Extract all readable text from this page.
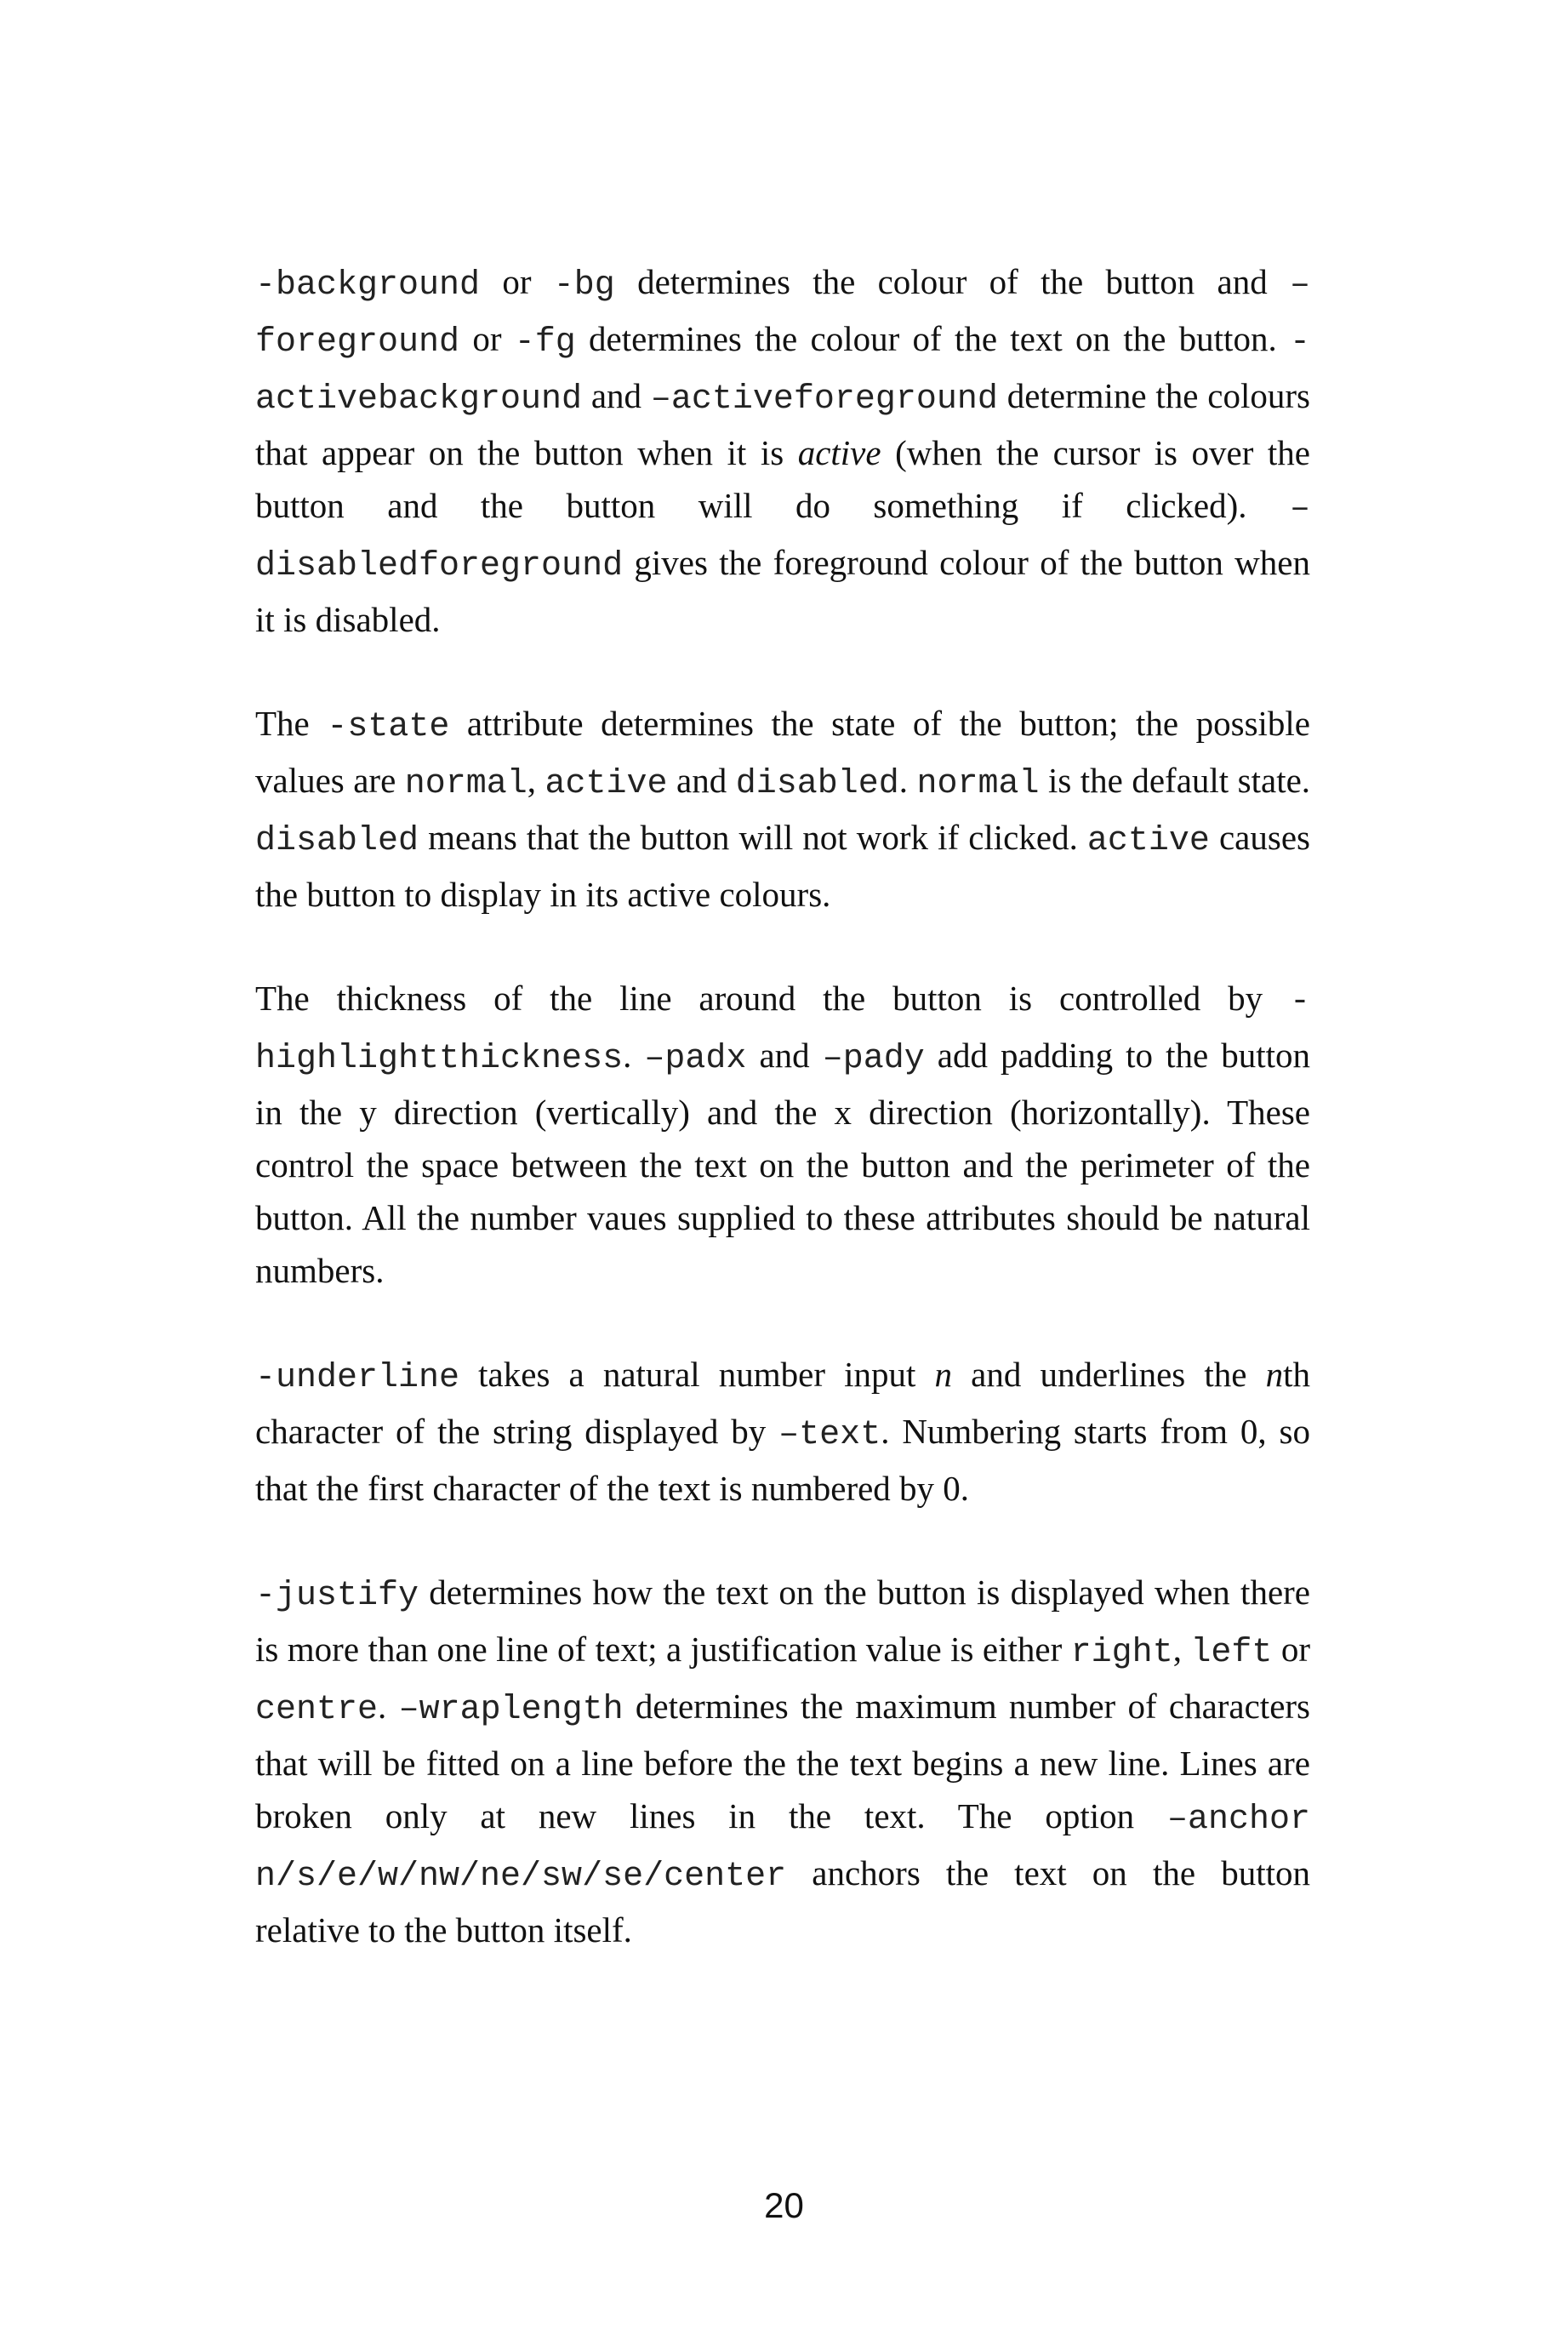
-background or -bg determines the colour of the button and –foreground or -fg determines the colour of the text on the button. -activebackground and –activeforeground determine the colours that appear on the button when it is active (when the cursor is over the button and the button will do something if clicked). –disabledforeground gives the foreground colour of the button when it is disabled.

The -state attribute determines the state of the button; the possible values are normal, active and disabled. normal is the default state. disabled means that the button will not work if clicked. active causes the button to display in its active colours.

The thickness of the line around the button is controlled by -highlightthickness. –padx and –pady add padding to the button in the y direction (vertically) and the x direction (horizontally). These control the space between the text on the button and the perimeter of the button. All the number vaues supplied to these attributes should be natural numbers.

-underline takes a natural number input n and underlines the nth character of the string displayed by –text. Numbering starts from 0, so that the first character of the text is numbered by 0.

-justify determines how the text on the button is displayed when there is more than one line of text; a justification value is either right, left or centre. –wraplength determines the maximum number of characters that will be fitted on a line before the the text begins a new line. Lines are broken only at new lines in the text. The option –anchor n/s/e/w/nw/ne/sw/se/center anchors the text on the button relative to the button itself.

20
